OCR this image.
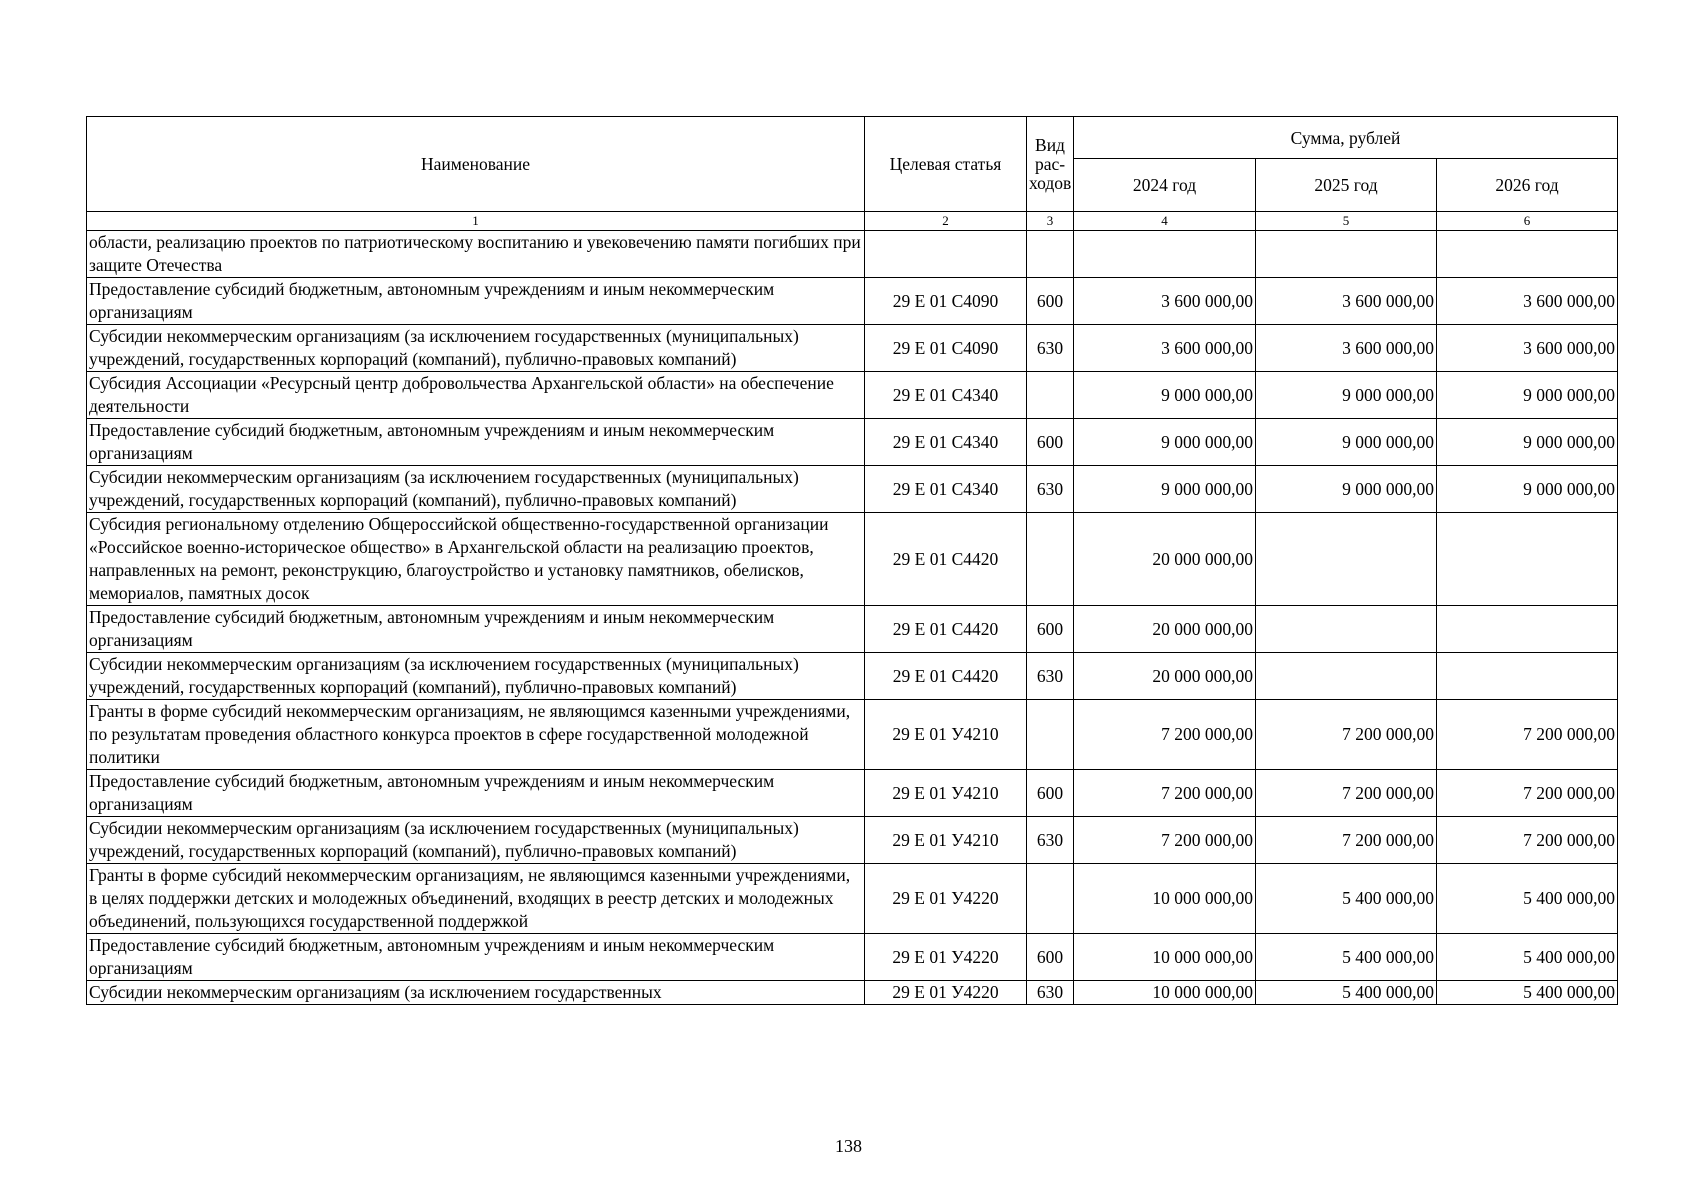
Наименование	Целевая статья	Вид рас-ходов	Сумма, рублей		
			2024 год	2025 год	2026 год
1	2	3	4	5	6
области, реализацию проектов по патриотическому воспитанию и увековечению памяти погибших при защите Отечества					
Предоставление субсидий бюджетным, автономным учреждениям и иным некоммерческим организациям	29 Е 01 С4090	600	3 600 000,00	3 600 000,00	3 600 000,00
Субсидии некоммерческим организациям (за исключением государственных (муниципальных) учреждений, государственных корпораций (компаний), публично-правовых компаний)	29 Е 01 С4090	630	3 600 000,00	3 600 000,00	3 600 000,00
Субсидия Ассоциации «Ресурсный центр добровольчества Архангельской области» на обеспечение деятельности	29 Е 01 С4340		9 000 000,00	9 000 000,00	9 000 000,00
Предоставление субсидий бюджетным, автономным учреждениям и иным некоммерческим организациям	29 Е 01 С4340	600	9 000 000,00	9 000 000,00	9 000 000,00
Субсидии некоммерческим организациям (за исключением государственных (муниципальных) учреждений, государственных корпораций (компаний), публично-правовых компаний)	29 Е 01 С4340	630	9 000 000,00	9 000 000,00	9 000 000,00
Субсидия региональному отделению Общероссийской общественно-государственной организации «Российское военно-историческое общество» в Архангельской области на реализацию проектов, направленных на ремонт, реконструкцию, благоустройство и установку памятников, обелисков, мемориалов, памятных досок	29 Е 01 С4420		20 000 000,00		
Предоставление субсидий бюджетным, автономным учреждениям и иным некоммерческим организациям	29 Е 01 С4420	600	20 000 000,00		
Субсидии некоммерческим организациям (за исключением государственных (муниципальных) учреждений, государственных корпораций (компаний), публично-правовых компаний)	29 Е 01 С4420	630	20 000 000,00		
Гранты в форме субсидий некоммерческим организациям, не являющимся казенными учреждениями, по результатам проведения областного конкурса проектов в сфере государственной молодежной политики	29 Е 01 У4210		7 200 000,00	7 200 000,00	7 200 000,00
Предоставление субсидий бюджетным, автономным учреждениям и иным некоммерческим организациям	29 Е 01 У4210	600	7 200 000,00	7 200 000,00	7 200 000,00
Субсидии некоммерческим организациям (за исключением государственных (муниципальных) учреждений, государственных корпораций (компаний), публично-правовых компаний)	29 Е 01 У4210	630	7 200 000,00	7 200 000,00	7 200 000,00
Гранты в форме субсидий некоммерческим организациям, не являющимся казенными учреждениями, в целях поддержки детских и молодежных объединений, входящих в реестр детских и молодежных объединений, пользующихся государственной поддержкой	29 Е 01 У4220		10 000 000,00	5 400 000,00	5 400 000,00
Предоставление субсидий бюджетным, автономным учреждениям и иным некоммерческим организациям	29 Е 01 У4220	600	10 000 000,00	5 400 000,00	5 400 000,00
Субсидии некоммерческим организациям (за исключением государственных	29 Е 01 У4220	630	10 000 000,00	5 400 000,00	5 400 000,00
138
